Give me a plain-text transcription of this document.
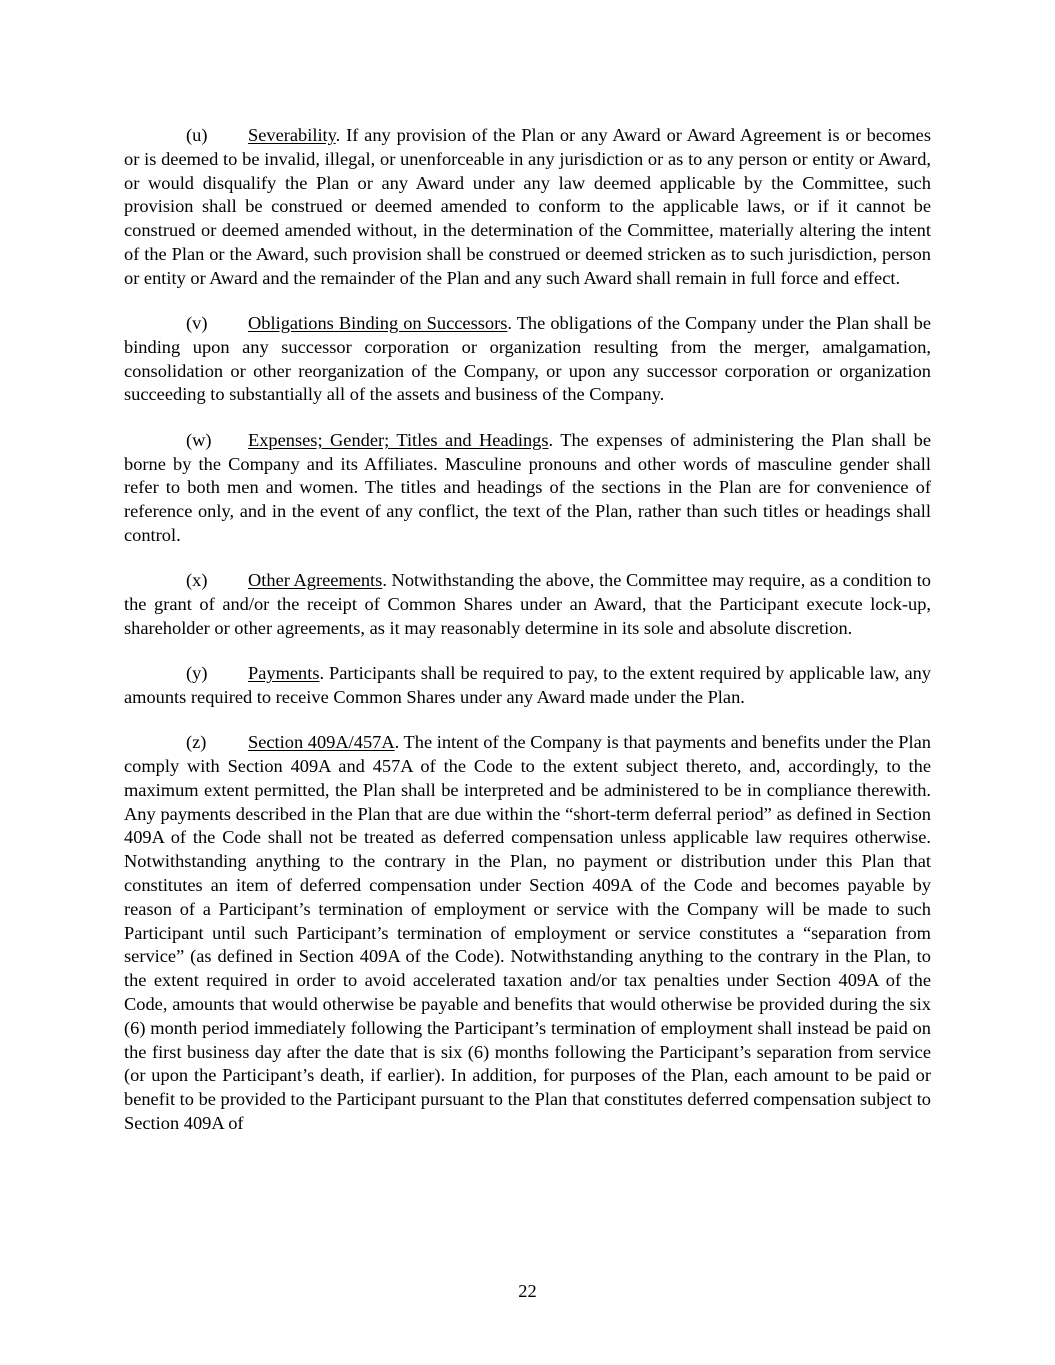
(u) Severability. If any provision of the Plan or any Award or Award Agreement is or becomes or is deemed to be invalid, illegal, or unenforceable in any jurisdiction or as to any person or entity or Award, or would disqualify the Plan or any Award under any law deemed applicable by the Committee, such provision shall be construed or deemed amended to conform to the applicable laws, or if it cannot be construed or deemed amended without, in the determination of the Committee, materially altering the intent of the Plan or the Award, such provision shall be construed or deemed stricken as to such jurisdiction, person or entity or Award and the remainder of the Plan and any such Award shall remain in full force and effect.

(v) Obligations Binding on Successors. The obligations of the Company under the Plan shall be binding upon any successor corporation or organization resulting from the merger, amalgamation, consolidation or other reorganization of the Company, or upon any successor corporation or organization succeeding to substantially all of the assets and business of the Company.

(w) Expenses; Gender; Titles and Headings. The expenses of administering the Plan shall be borne by the Company and its Affiliates. Masculine pronouns and other words of masculine gender shall refer to both men and women. The titles and headings of the sections in the Plan are for convenience of reference only, and in the event of any conflict, the text of the Plan, rather than such titles or headings shall control.

(x) Other Agreements. Notwithstanding the above, the Committee may require, as a condition to the grant of and/or the receipt of Common Shares under an Award, that the Participant execute lock-up, shareholder or other agreements, as it may reasonably determine in its sole and absolute discretion.

(y) Payments. Participants shall be required to pay, to the extent required by applicable law, any amounts required to receive Common Shares under any Award made under the Plan.

(z) Section 409A/457A. The intent of the Company is that payments and benefits under the Plan comply with Section 409A and 457A of the Code to the extent subject thereto, and, accordingly, to the maximum extent permitted, the Plan shall be interpreted and be administered to be in compliance therewith. Any payments described in the Plan that are due within the “short-term deferral period” as defined in Section 409A of the Code shall not be treated as deferred compensation unless applicable law requires otherwise. Notwithstanding anything to the contrary in the Plan, no payment or distribution under this Plan that constitutes an item of deferred compensation under Section 409A of the Code and becomes payable by reason of a Participant’s termination of employment or service with the Company will be made to such Participant until such Participant’s termination of employment or service constitutes a “separation from service” (as defined in Section 409A of the Code). Notwithstanding anything to the contrary in the Plan, to the extent required in order to avoid accelerated taxation and/or tax penalties under Section 409A of the Code, amounts that would otherwise be payable and benefits that would otherwise be provided during the six (6) month period immediately following the Participant’s termination of employment shall instead be paid on the first business day after the date that is six (6) months following the Participant’s separation from service (or upon the Participant’s death, if earlier). In addition, for purposes of the Plan, each amount to be paid or benefit to be provided to the Participant pursuant to the Plan that constitutes deferred compensation subject to Section 409A of

22
